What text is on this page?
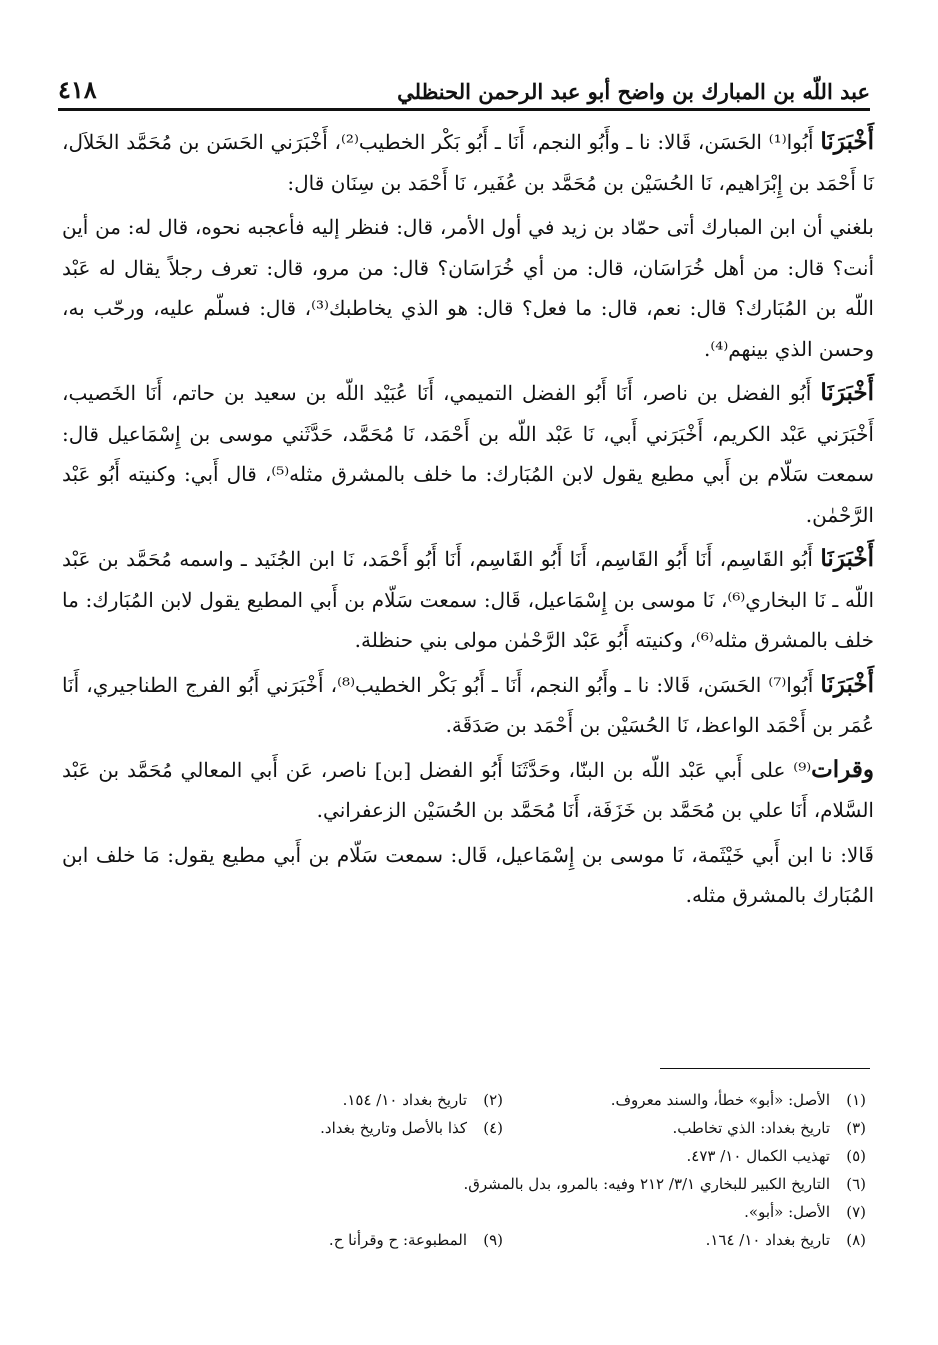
عبد اللّه بن المبارك بن واضح أبو عبد الرحمن الحنظلي
٤١٨

أَخْبَرَنَا أَبُوا⁽¹⁾ الحَسَن، قَالا: نا ـ وأَبُو النجم، أَنَا ـ أَبُو بَكْر الخطيب⁽²⁾، أَخْبَرَني الحَسَن بن مُحَمَّد الخَلاَل، نَا أَحْمَد بن إِبْرَاهيم، نَا الحُسَيْن بن مُحَمَّد بن عُفَير، نَا أَحْمَد بن سِنَان قال:

بلغني أن ابن المبارك أتى حمّاد بن زيد في أول الأمر، قال: فنظر إليه فأعجبه نحوه، قال له: من أين أنت؟ قال: من أهل خُرَاسَان، قال: من أي خُرَاسَان؟ قال: من مرو، قال: تعرف رجلاً يقال له عَبْد اللّه بن المُبَارك؟ قال: نعم، قال: ما فعل؟ قال: هو الذي يخاطبك⁽³⁾، قال: فسلّم عليه، ورحّب به، وحسن الذي بينهم⁽⁴⁾.

أَخْبَرَنَا أَبُو الفضل بن ناصر، أَنَا أَبُو الفضل التميمي، أَنَا عُبَيْد اللّه بن سعيد بن حاتم، أَنَا الخَصيب، أَخْبَرَني عَبْد الكريم، أَخْبَرَني أَبي، نَا عَبْد اللّه بن أَحْمَد، نَا مُحَمَّد، حَدَّثَني موسى بن إِسْمَاعيل قال: سمعت سَلّام بن أَبي مطيع يقول لابن المُبَارك: ما خلف بالمشرق مثله⁽⁵⁾، قال أَبي: وكنيته أَبُو عَبْد الرَّحْمٰن.

أَخْبَرَنَا أَبُو القَاسِم، أَنَا أَبُو القَاسِم، أَنَا أَبُو القَاسِم، أَنَا أَبُو أَحْمَد، نَا ابن الجُنَيد ـ واسمه مُحَمَّد بن عَبْد اللّه ـ نَا البخاري⁽⁶⁾، نَا موسى بن إِسْمَاعيل، قَال: سمعت سَلّام بن أَبي المطيع يقول لابن المُبَارك: ما خلف بالمشرق مثله⁽⁶⁾، وكنيته أَبُو عَبْد الرَّحْمٰن مولى بني حنظلة.

أَخْبَرَنَا أَبُوا⁽⁷⁾ الحَسَن، قَالا: نا ـ وأَبُو النجم، أَنَا ـ أَبُو بَكْر الخطيب⁽⁸⁾، أَخْبَرَني أَبُو الفرج الطناجيري، أَنَا عُمَر بن أَحْمَد الواعظ، نَا الحُسَيْن بن أَحْمَد بن صَدَقَة.

وقرات⁽⁹⁾ على أَبي عَبْد اللّه بن البنّا، وحَدَّثَنَا أَبُو الفضل [بن] ناصر، عَن أَبي المعالي مُحَمَّد بن عَبْد السَّلام، أَنَا علي بن مُحَمَّد بن خَزَفَة، أَنَا مُحَمَّد بن الحُسَيْن الزعفراني.

قَالا: نا ابن أَبي خَيْثَمة، نَا موسى بن إِسْمَاعيل، قَال: سمعت سَلّام بن أَبي مطيع يقول: مَا خلف ابن المُبَارك بالمشرق مثله.

(١)
الأصل: «أبو» خطأ، والسند معروف.
(٢)
تاريخ بغداد ١٠/ ١٥٤.
(٣)
تاريخ بغداد: الذي تخاطب.
(٤)
كذا بالأصل وتاريخ بغداد.
(٥)
تهذيب الكمال ١٠/ ٤٧٣.
(٦)
التاريخ الكبير للبخاري ٣/١/ ٢١٢ وفيه: بالمرو، بدل بالمشرق.
(٧)
الأصل: «أبو».
(٨)
تاريخ بغداد ١٠/ ١٦٤.
(٩)
المطبوعة: ح وقرأنا ح.
